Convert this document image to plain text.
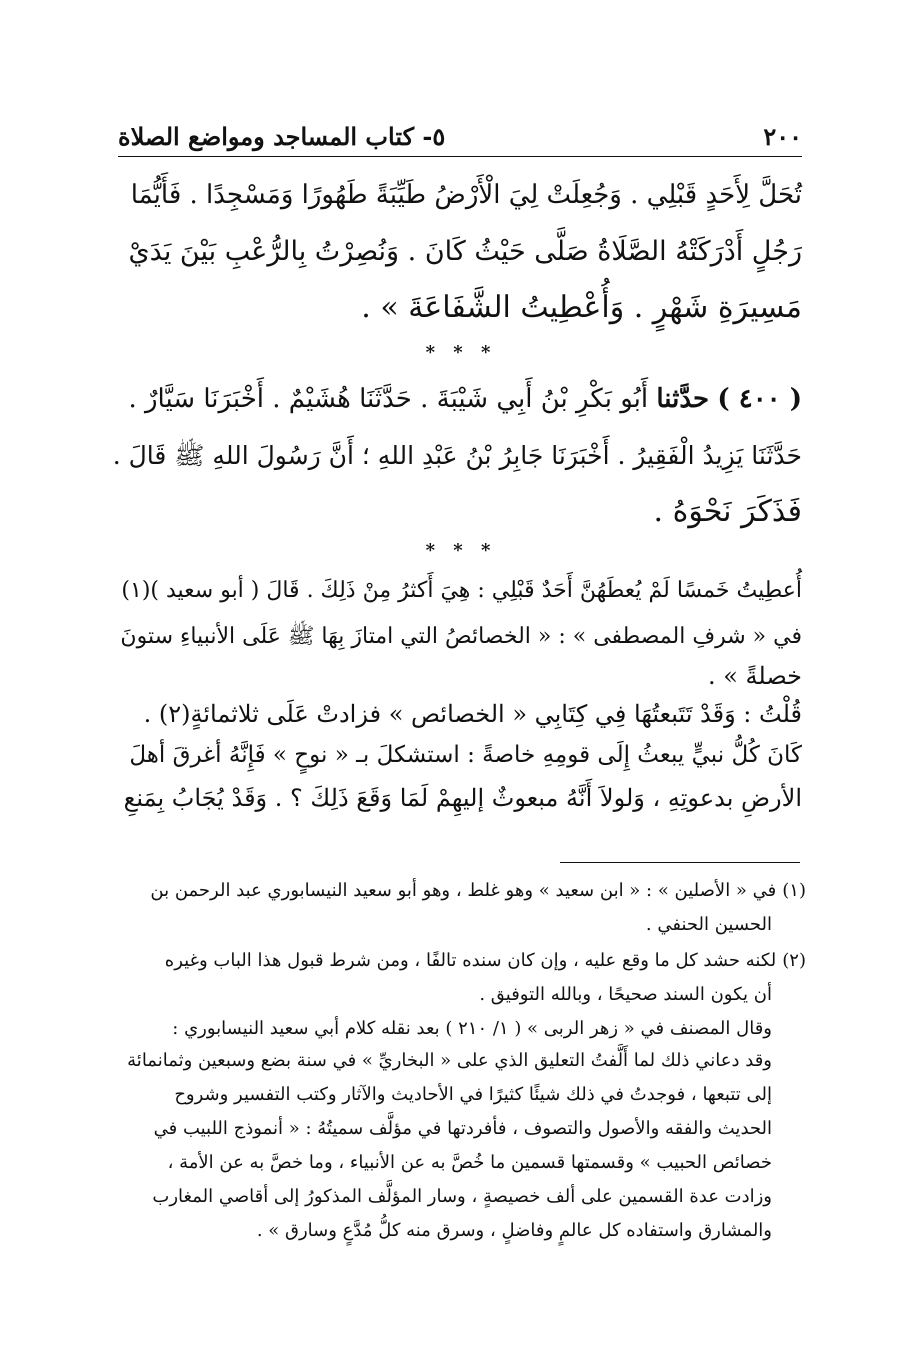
٥- كتاب المساجد ومواضع الصلاة	٢٠٠
تُحَلَّ لِأَحَدٍ قَبْلِي . وَجُعِلَتْ لِيَ الْأَرْضُ طَيِّبَةً طَهُورًا وَمَسْجِدًا . فَأَيُّمَا
رَجُلٍ أَدْرَكَتْهُ الصَّلَاةُ صَلَّى حَيْثُ كَانَ . وَنُصِرْتُ بِالرُّعْبِ بَيْنَ يَدَيْ
مَسِيرَةِ شَهْرٍ . وَأُعْطِيتُ الشَّفَاعَةَ » .
* * *
( ٤٠٠ ) حدَّثنا أَبُو بَكْرِ بْنُ أَبِي شَيْبَةَ . حَدَّثَنَا هُشَيْمٌ . أَخْبَرَنَا سَيَّارٌ .
حَدَّثَنَا يَزِيدُ الْفَقِيرُ . أَخْبَرَنَا جَابِرُ بْنُ عَبْدِ اللهِ ؛ أَنَّ رَسُولَ اللهِ ﷺ قَالَ .
فَذَكَرَ نَحْوَهُ .
* * *
أُعطِيتُ خَمسًا لَمْ يُعطَهُنَّ أَحَدٌ قَبْلِي : هِيَ أَكثرُ مِنْ ذَلِكَ . قَالَ ( أبو سعيد )(١)
في « شرفِ المصطفى » : « الخصائصُ التي امتازَ بِهَا ﷺ عَلَى الأنبياءِ ستونَ
خصلةً » .
قُلْتُ : وَقَدْ تَتَبعتُهَا فِي كِتَابِي « الخصائص » فزادتْ عَلَى ثلاثمائةٍ(٢) .
كَانَ كُلُّ نبيٍّ يبعثُ إِلَى قومِهِ خاصةً : استشكلَ بـ « نوحٍ » فَإِنَّهُ أغرقَ أهلَ
الأرضِ بدعوتِهِ ، وَلولاَ أَنَّهُ مبعوثٌ إليهِمْ لَمَا وَقَعَ ذَلِكَ ؟ . وَقَدْ يُجَابُ بِمَنعِ
(١)في « الأصلين » : « ابن سعيد » وهو غلط ، وهو أبو سعيد النيسابوري عبد الرحمن بن
الحسين الحنفي .
(٢)لكنه حشد كل ما وقع عليه ، وإن كان سنده تالفًا ، ومن شرط قبول هذا الباب وغيره
أن يكون السند صحيحًا ، وبالله التوفيق .
وقال المصنف في « زهر الربى » ( ١/ ٢١٠ ) بعد نقله كلام أبي سعيد النيسابوري :
وقد دعاني ذلك لما أَلَّفتُ التعليق الذي على « البخاريِّ » في سنة بضع وسبعين وثمانمائة
إلى تتبعها ، فوجدتُ في ذلك شيئًا كثيرًا في الأحاديث والآثار وكتب التفسير وشروح
الحديث والفقه والأصول والتصوف ، فأفردتها في مؤلَّف سميتُهُ : « أنموذج اللبيب في
خصائص الحبيب » وقسمتها قسمين ما خُصَّ به عن الأنبياء ، وما خصَّ به عن الأمة ،
وزادت عدة القسمين على ألف خصيصةٍ ، وسار المؤلَّف المذكورُ إلى أقاصي المغارب
والمشارق واستفاده كل عالمٍ وفاضلٍ ، وسرق منه كلُّ مُدَّعٍ وسارق » .
